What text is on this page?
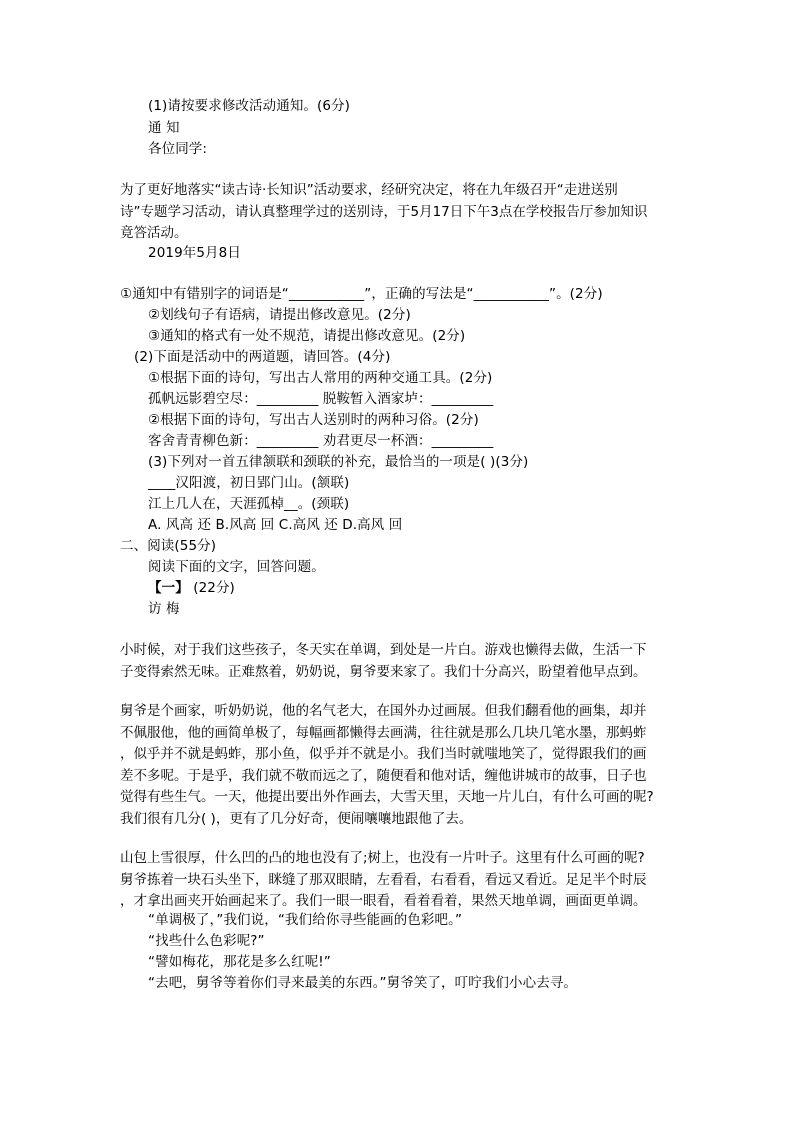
(1)请按要求修改活动通知。(6分)
通 知
各位同学:
为了更好地落实“读古诗·长知识”活动要求，经研究决定，将在九年级召开“走进送别
诗”专题学习活动，请认真整理学过的送别诗，于5月17日下午3点在学校报告厅参加知识
竟答活动。
2019年5月8日
①通知中有错别字的词语是“___________”，正确的写法是“___________”。(2分)
②划线句子有语病，请提出修改意见。(2分)
③通知的格式有一处不规范，请提出修改意见。(2分)
(2)下面是活动中的两道题，请回答。(4分)
①根据下面的诗句，写出古人常用的两种交通工具。(2分)
孤帆远影碧空尽：_________ 脱鞍暂入酒家垆：_________
②根据下面的诗句，写出古人送别时的两种习俗。(2分)
客舍青青柳色新：_________ 劝君更尽一杯酒：_________
(3)下列对一首五律颔联和颈联的补充，最恰当的一项是( )(3分)
____汉阳渡，初日郢门山。(颔联)
江上几人在，天涯孤棹__。(颈联)
A. 风高 还 B.风高 回 C.高风 还 D.高风 回
二、阅读(55分)
阅读下面的文字，回答问题。
【一】 (22分)
访 梅
小时候，对于我们这些孩子，冬天实在单调，到处是一片白。游戏也懒得去做，生活一下
子变得索然无味。正难熬着，奶奶说，舅爷要来家了。我们十分高兴，盼望着他早点到。
舅爷是个画家，听奶奶说，他的名气老大，在国外办过画展。但我们翻看他的画集，却并
不佩服他，他的画简单极了，每幅画都懒得去画满，往往就是那么几块几笔水墨，那蚂蚱
，似乎并不就是蚂蚱，那小鱼，似乎并不就是小。我们当时就嗤地笑了，觉得跟我们的画
差不多呢。于是乎，我们就不敬而远之了，随便看和他对话，缠他讲城市的故事，日子也
觉得有些生气。一天，他提出要出外作画去，大雪天里，天地一片儿白，有什么可画的呢?
我们很有几分( )，更有了几分好奇，便闹嚷嚷地跟他了去。
山包上雪很厚，什么凹的凸的地也没有了;树上，也没有一片叶子。这里有什么可画的呢?
舅爷拣着一块石头坐下，眯缝了那双眼睛，左看看，右看看，看远又看近。足足半个时辰
，才拿出画夹开始画起来了。我们一眼一眼看，看着看着，果然天地单调，画面更单调。
“单调极了，”我们说，“我们给你寻些能画的色彩吧。”
“找些什么色彩呢?”
“譬如梅花，那花是多么红呢!”
“去吧，舅爷等着你们寻来最美的东西。”舅爷笑了，叮咛我们小心去寻。
